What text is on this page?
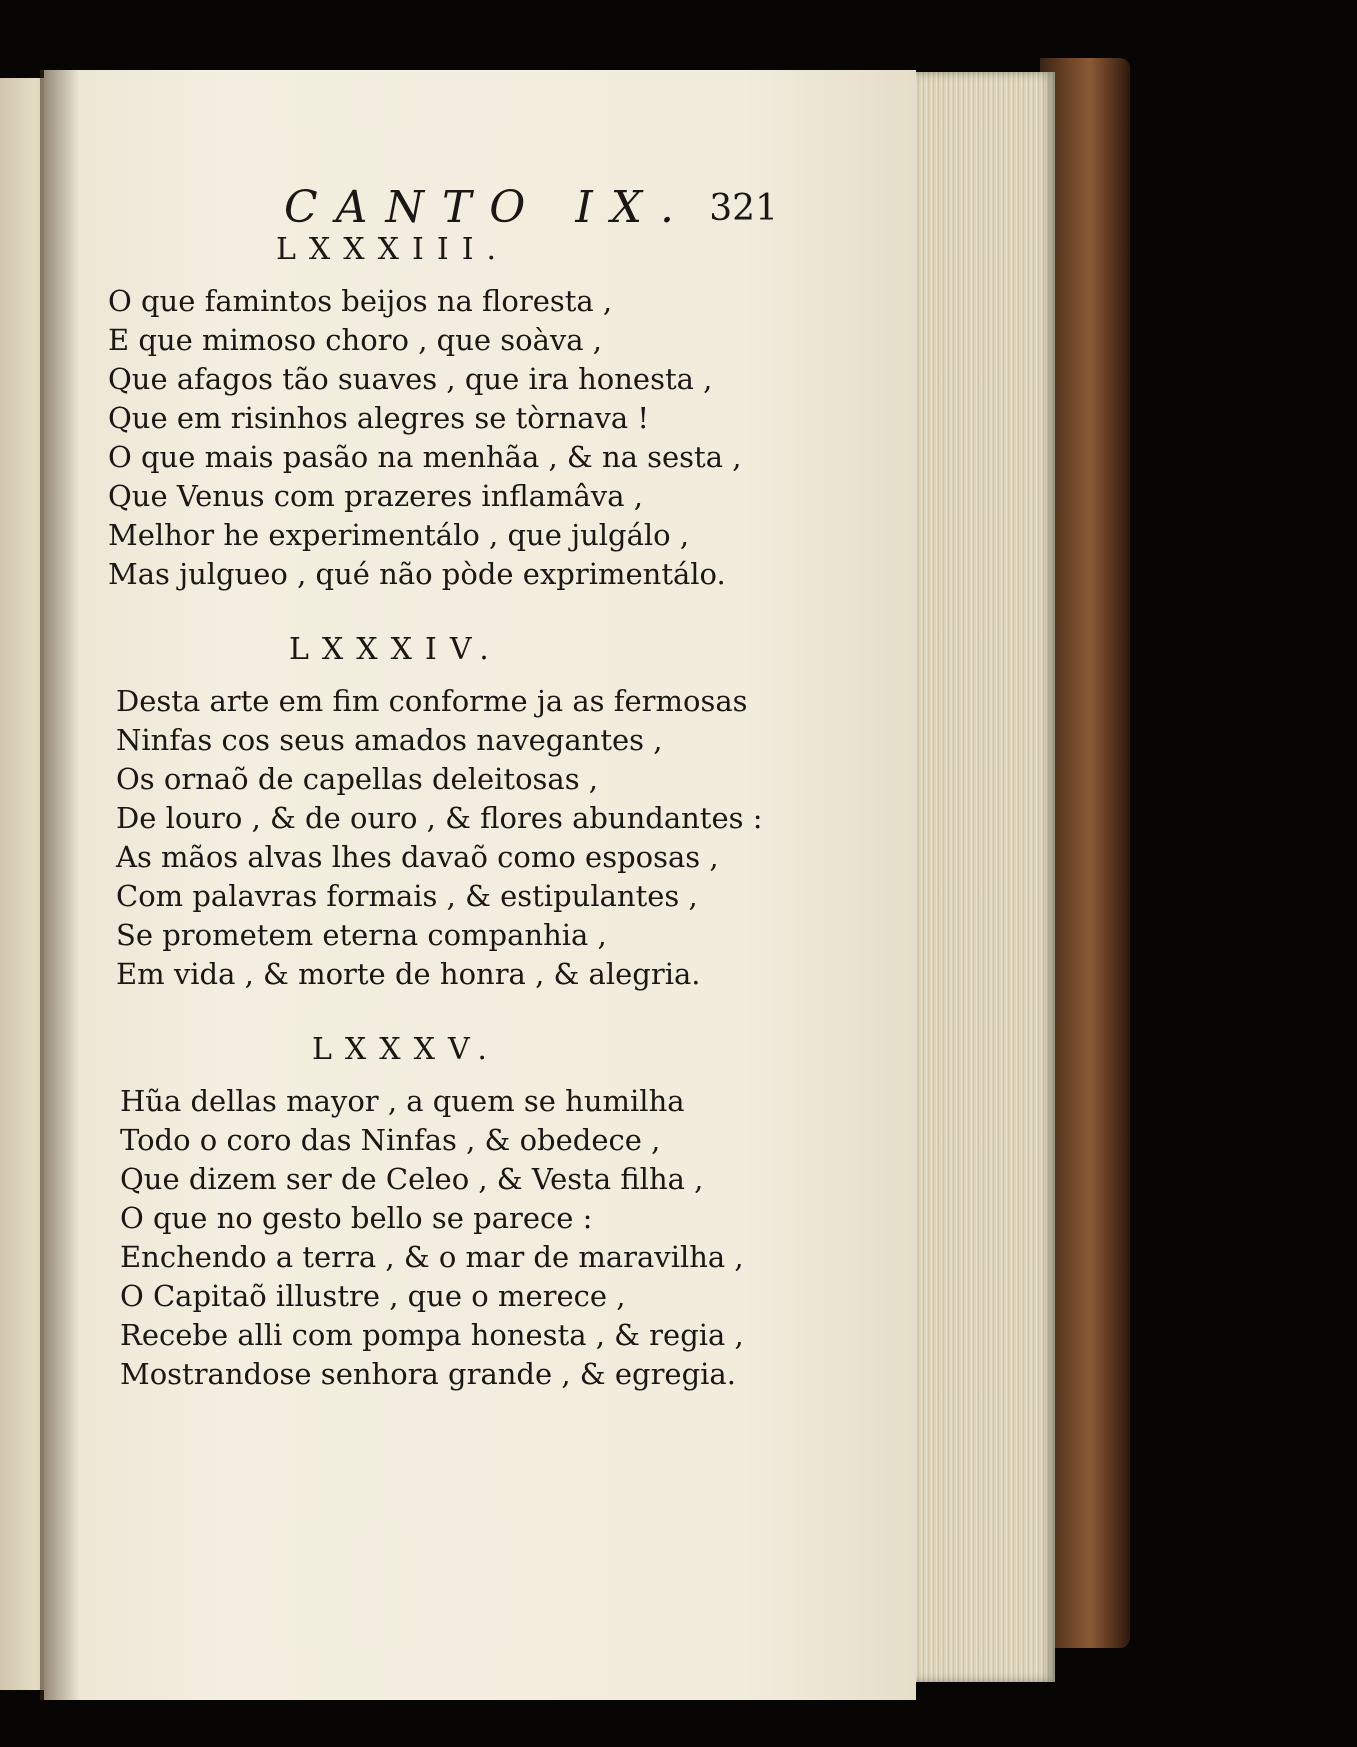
CANTO IX. 321
LXXXIII.
O que famintos beijos na floresta ,
E que mimoso choro , que soàva ,
Que afagos tão suaves , que ira honesta ,
Que em risinhos alegres se tòrnava !
O que mais pasão na menhãa , & na sesta ,
Que Venus com prazeres inflamâva ,
Melhor he experimentálo , que julgálo ,
Mas julgueo , qué não pòde exprimentálo.
LXXXIV.
Desta arte em fim conforme ja as fermosas
Ninfas cos seus amados navegantes ,
Os ornaõ de capellas deleitosas ,
De louro , & de ouro , & flores abundantes :
As mãos alvas lhes davaõ como esposas ,
Com palavras formais , & estipulantes ,
Se prometem eterna companhia ,
Em vida , & morte de honra , & alegria.
LXXXV.
Hũa dellas mayor , a quem se humilha
Todo o coro das Ninfas , & obedece ,
Que dizem ser de Celeo , & Vesta filha ,
O que no gesto bello se parece :
Enchendo a terra , & o mar de maravilha ,
O Capitaõ illustre , que o merece ,
Recebe alli com pompa honesta , & regia ,
Mostrandose senhora grande , & egregia.
